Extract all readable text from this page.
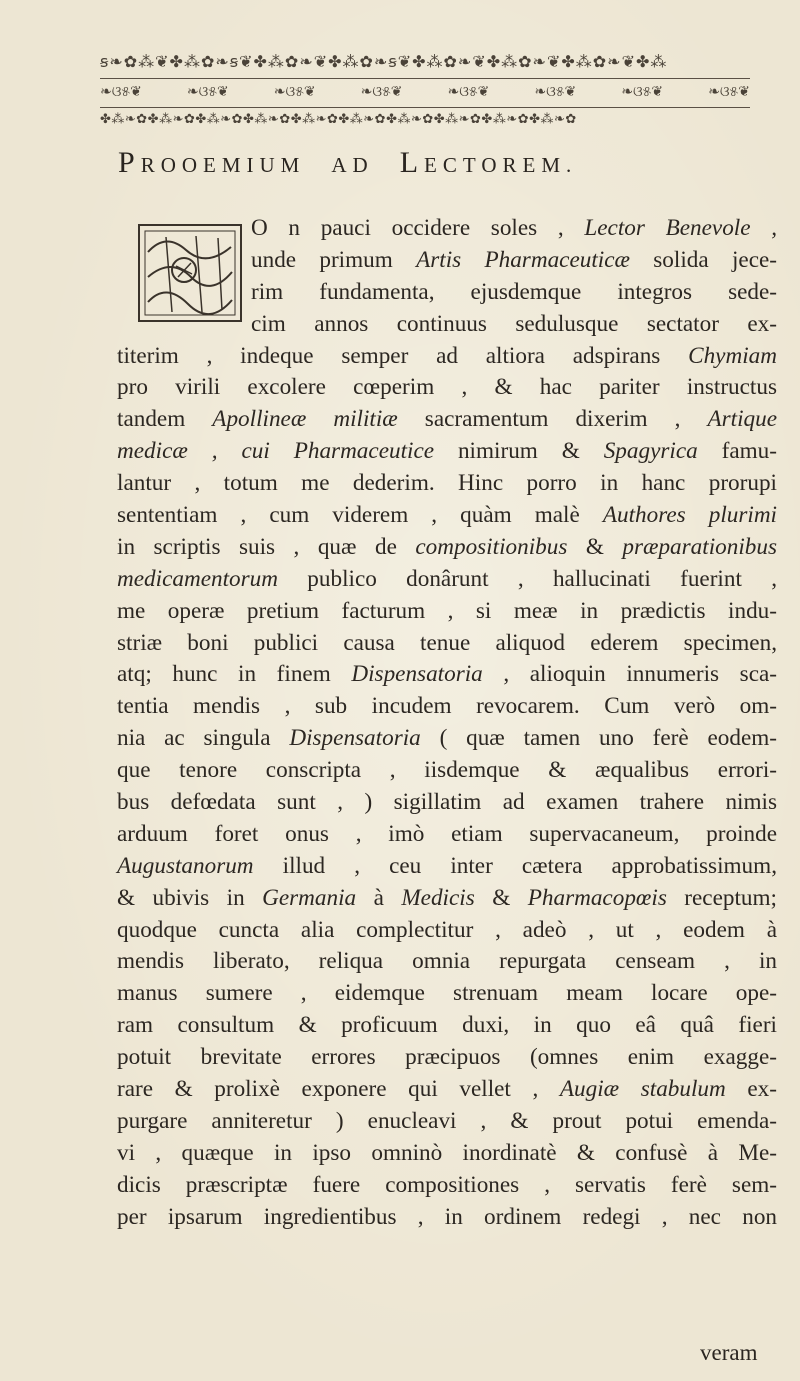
ꞩ❧✿⁂❦✤⁂✿❧ꞩ❦✤⁂✿❧❦✤⁂✿❧ꞩ❦✤⁂✿❧❦✤⁂✿❧❦✤⁂✿❧❦✤⁂
❧ଓ୫❦	❧ଓ୫❦	❧ଓ୫❦	❧ଓ୫❦	❧ଓ୫❦	❧ଓ୫❦	❧ଓ୫❦	❧ଓ୫❦
✤⁂❧✿✤⁂❧✿✤⁂❧✿✤⁂❧✿✤⁂❧✿✤⁂❧✿✤⁂❧✿✤⁂❧✿✤⁂❧✿✤⁂❧✿
PROOEMIUM AD LECTOREM.
O n pauci occidere soles , Lector Benevole ,
unde primum Artis Pharmaceuticæ solida jece-
rim fundamenta, ejusdemque integros sede-
cim annos continuus sedulusque sectator ex-
titerim , indeque semper ad altiora adspirans Chymiam
pro virili excolere cœperim , & hac pariter instructus
tandem Apollineæ militiæ sacramentum dixerim , Artique
medicæ , cui Pharmaceutice nimirum & Spagyrica famu-
lantur , totum me dederim. Hinc porro in hanc prorupi
sententiam , cum viderem , quàm malè Authores plurimi
in scriptis suis , quæ de compositionibus & præparationibus
medicamentorum publico donârunt , hallucinati fuerint ,
me operæ pretium facturum , si meæ in prædictis indu-
striæ boni publici causa tenue aliquod ederem specimen,
atq; hunc in finem Dispensatoria , alioquin innumeris sca-
tentia mendis , sub incudem revocarem. Cum verò om-
nia ac singula Dispensatoria ( quæ tamen uno ferè eodem-
que tenore conscripta , iisdemque & æqualibus errori-
bus defœdata sunt , ) sigillatim ad examen trahere nimis
arduum foret onus , imò etiam supervacaneum, proinde
Augustanorum illud , ceu inter cætera approbatissimum,
& ubivis in Germania à Medicis & Pharmacopœis receptum;
quodque cuncta alia complectitur , adeò , ut , eodem à
mendis liberato, reliqua omnia repurgata censeam , in
manus sumere , eidemque strenuam meam locare ope-
ram consultum & proficuum duxi, in quo eâ quâ fieri
potuit brevitate errores præcipuos (omnes enim exagge-
rare & prolixè exponere qui vellet , Augiæ stabulum ex-
purgare anniteretur ) enucleavi , & prout potui emenda-
vi , quæque in ipso omninò inordinatè & confusè à Me-
dicis præscriptæ fuere compositiones , servatis ferè sem-
per ipsarum ingredientibus , in ordinem redegi , nec non
veram
